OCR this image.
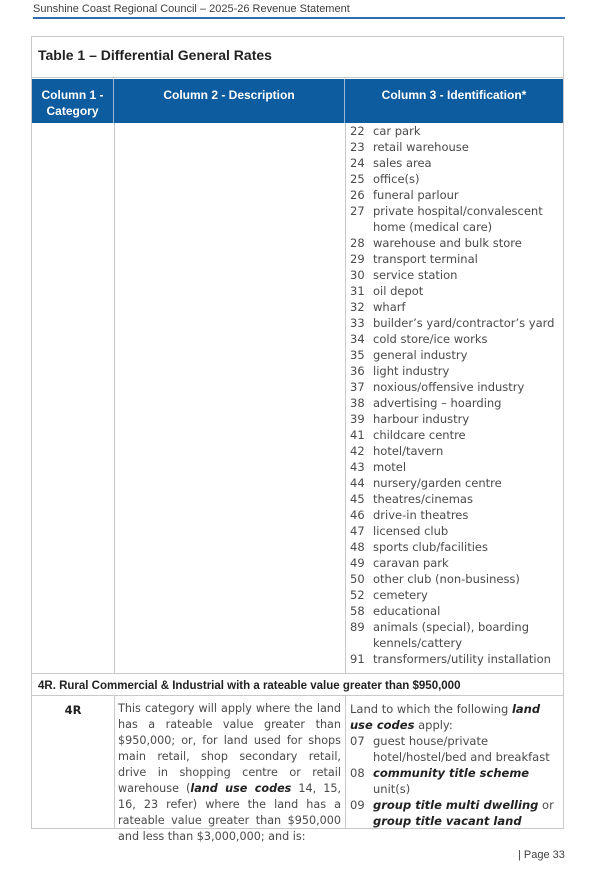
Sunshine Coast Regional Council – 2025-26 Revenue Statement
Table 1 – Differential General Rates
Column 1 - Category
Column 2 - Description	Column 3 - Identification*
22 car park
23 retail warehouse
24 sales area
25 office(s)
26 funeral parlour
27 private hospital/convalescent home (medical care)
28 warehouse and bulk store
29 transport terminal
30 service station
31 oil depot
32 wharf
33 builder’s yard/contractor’s yard
34 cold store/ice works
35 general industry
36 light industry
37 noxious/offensive industry
38 advertising – hoarding
39 harbour industry
41 childcare centre
42 hotel/tavern
43 motel
44 nursery/garden centre
45 theatres/cinemas
46 drive-in theatres
47 licensed club
48 sports club/facilities
49 caravan park
50 other club (non-business)
52 cemetery
58 educational
89 animals (special), boarding kennels/cattery
91 transformers/utility installation
4R. Rural Commercial & Industrial with a rateable value greater than $950,000
4R	This category will apply where the land has a rateable value greater than $950,000; or, for land used for shops main retail, shop secondary retail, drive in shopping centre or retail warehouse (land use codes 14, 15, 16, 23 refer) where the land has a rateable value greater than $950,000 and less than $3,000,000; and is:
Land to which the following land use codes apply:
07 guest house/private hotel/hostel/bed and breakfast
08 community title scheme unit(s)
09 group title multi dwelling or group title vacant land
| Page 33
